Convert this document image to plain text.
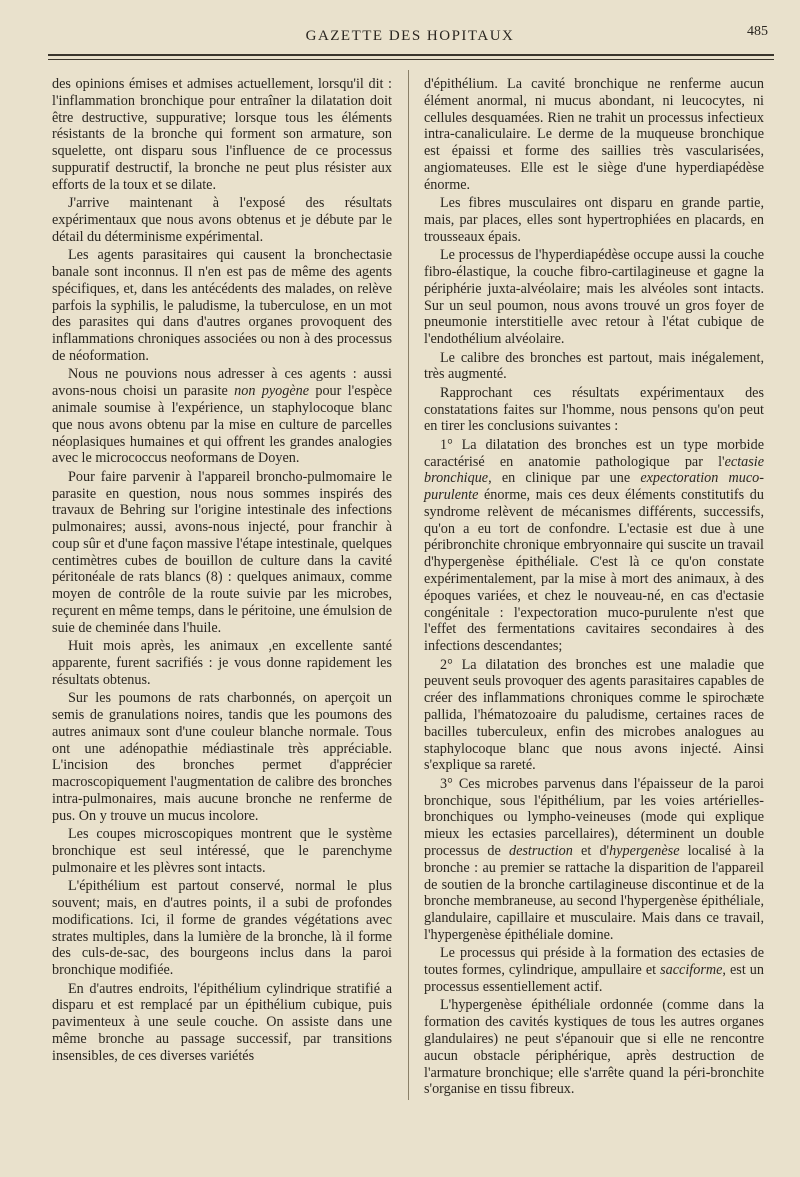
GAZETTE DES HOPITAUX	485

des opinions émises et admises actuellement, lorsqu'il dit : l'inflammation bronchique pour entraîner la dilatation doit être destructive, suppurative; lorsque tous les éléments résistants de la bronche qui forment son armature, son squelette, ont disparu sous l'influence de ce processus suppuratif destructif, la bronche ne peut plus résister aux efforts de la toux et se dilate.

J'arrive maintenant à l'exposé des résultats expérimentaux que nous avons obtenus et je débute par le détail du déterminisme expérimental.

Les agents parasitaires qui causent la bronchectasie banale sont inconnus. Il n'en est pas de même des agents spécifiques, et, dans les antécédents des malades, on relève parfois la syphilis, le paludisme, la tuberculose, en un mot des parasites qui dans d'autres organes provoquent des inflammations chroniques associées ou non à des processus de néoformation.

Nous ne pouvions nous adresser à ces agents : aussi avons-nous choisi un parasite non pyogène pour l'espèce animale soumise à l'expérience, un staphylocoque blanc que nous avons obtenu par la mise en culture de parcelles néoplasiques humaines et qui offrent les grandes analogies avec le micrococcus neoformans de Doyen.

Pour faire parvenir à l'appareil broncho-pulmomaire le parasite en question, nous nous sommes inspirés des travaux de Behring sur l'origine intestinale des infections pulmonaires; aussi, avons-nous injecté, pour franchir à coup sûr et d'une façon massive l'étape intestinale, quelques centimètres cubes de bouillon de culture dans la cavité péritonéale de rats blancs (8) : quelques animaux, comme moyen de contrôle de la route suivie par les microbes, reçurent en même temps, dans le péritoine, une émulsion de suie de cheminée dans l'huile.

Huit mois après, les animaux ,en excellente santé apparente, furent sacrifiés : je vous donne rapidement les résultats obtenus.

Sur les poumons de rats charbonnés, on aperçoit un semis de granulations noires, tandis que les poumons des autres animaux sont d'une couleur blanche normale. Tous ont une adénopathie médiastinale très appréciable. L'incision des bronches permet d'apprécier macroscopiquement l'augmentation de calibre des bronches intra-pulmonaires, mais aucune bronche ne renferme de pus. On y trouve un mucus incolore.

Les coupes microscopiques montrent que le système bronchique est seul intéressé, que le parenchyme pulmonaire et les plèvres sont intacts.

L'épithélium est partout conservé, normal le plus souvent; mais, en d'autres points, il a subi de profondes modifications. Ici, il forme de grandes végétations avec strates multiples, dans la lumière de la bronche, là il forme des culs-de-sac, des bourgeons inclus dans la paroi bronchique modifiée.

En d'autres endroits, l'épithélium cylindrique stratifié a disparu et est remplacé par un épithélium cubique, puis pavimenteux à une seule couche. On assiste dans une même bronche au passage successif, par transitions insensibles, de ces diverses variétés

d'épithélium. La cavité bronchique ne renferme aucun élément anormal, ni mucus abondant, ni leucocytes, ni cellules desquamées. Rien ne trahit un processus infectieux intra-canaliculaire. Le derme de la muqueuse bronchique est épaissi et forme des saillies très vascularisées, angiomateuses. Elle est le siège d'une hyperdiapédèse énorme.

Les fibres musculaires ont disparu en grande partie, mais, par places, elles sont hypertrophiées en placards, en trousseaux épais.

Le processus de l'hyperdiapédèse occupe aussi la couche fibro-élastique, la couche fibro-cartilagineuse et gagne la périphérie juxta-alvéolaire; mais les alvéoles sont intacts. Sur un seul poumon, nous avons trouvé un gros foyer de pneumonie interstitielle avec retour à l'état cubique de l'endothélium alvéolaire.

Le calibre des bronches est partout, mais inégalement, très augmenté.

Rapprochant ces résultats expérimentaux des constatations faites sur l'homme, nous pensons qu'on peut en tirer les conclusions suivantes :

1° La dilatation des bronches est un type morbide caractérisé en anatomie pathologique par l'ectasie bronchique, en clinique par une expectoration muco-purulente énorme, mais ces deux éléments constitutifs du syndrome relèvent de mécanismes différents, successifs, qu'on a eu tort de confondre. L'ectasie est due à une péribronchite chronique embryonnaire qui suscite un travail d'hypergenèse épithéliale. C'est là ce qu'on constate expérimentalement, par la mise à mort des animaux, à des époques variées, et chez le nouveau-né, en cas d'ectasie congénitale : l'expectoration muco-purulente n'est que l'effet des fermentations cavitaires secondaires à des infections descendantes;

2° La dilatation des bronches est une maladie que peuvent seuls provoquer des agents parasitaires capables de créer des inflammations chroniques comme le spirochæte pallida, l'hématozoaire du paludisme, certaines races de bacilles tuberculeux, enfin des microbes analogues au staphylocoque blanc que nous avons injecté. Ainsi s'explique sa rareté.

3° Ces microbes parvenus dans l'épaisseur de la paroi bronchique, sous l'épithélium, par les voies artérielles-bronchiques ou lympho-veineuses (mode qui explique mieux les ectasies parcellaires), déterminent un double processus de destruction et d'hypergenèse localisé à la bronche : au premier se rattache la disparition de l'appareil de soutien de la bronche cartilagineuse discontinue et de la bronche membraneuse, au second l'hypergenèse épithéliale, glandulaire, capillaire et musculaire. Mais dans ce travail, l'hypergenèse épithéliale domine.

Le processus qui préside à la formation des ectasies de toutes formes, cylindrique, ampullaire et sacciforme, est un processus essentiellement actif.

L'hypergenèse épithéliale ordonnée (comme dans la formation des cavités kystiques de tous les autres organes glandulaires) ne peut s'épanouir que si elle ne rencontre aucun obstacle périphérique, après destruction de l'armature bronchique; elle s'arrête quand la péri-bronchite s'organise en tissu fibreux.
